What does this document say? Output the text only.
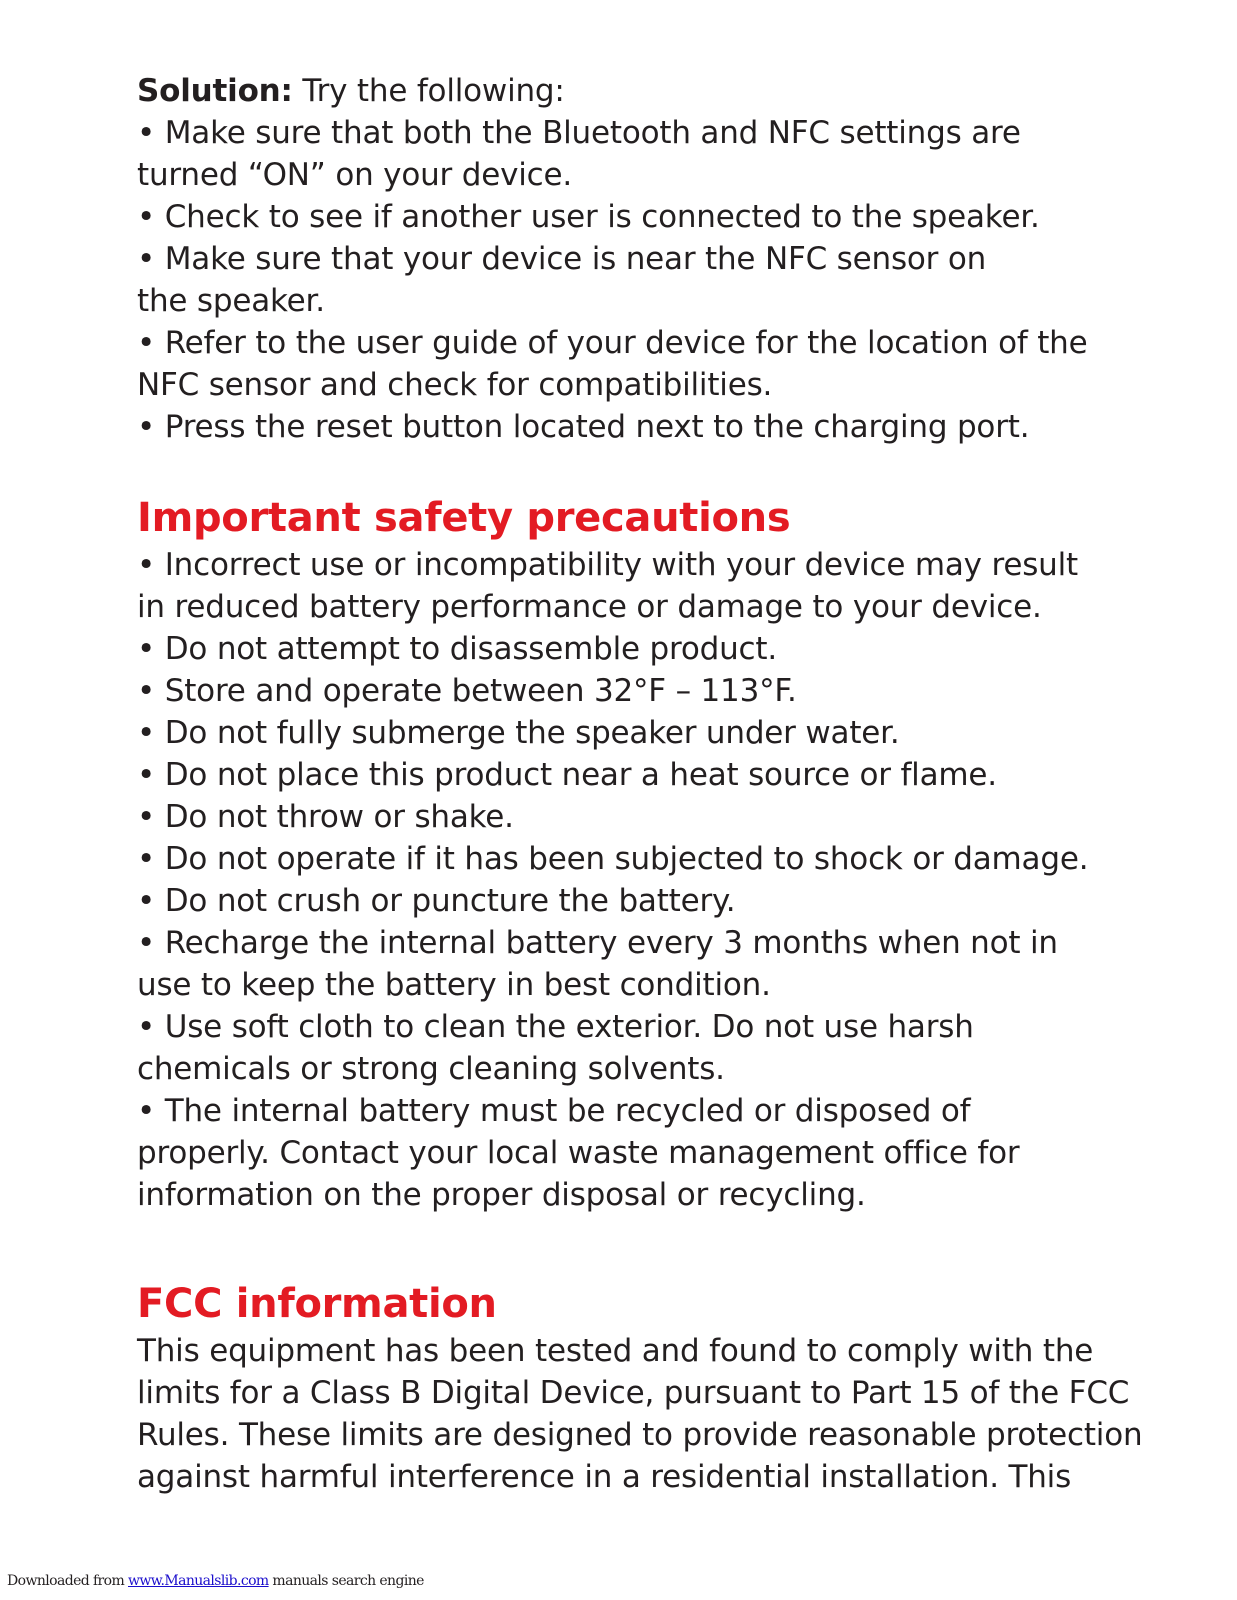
Solution: Try the following:
• Make sure that both the Bluetooth and NFC settings are
turned “ON” on your device.
• Check to see if another user is connected to the speaker.
• Make sure that your device is near the NFC sensor on
the speaker.
• Refer to the user guide of your device for the location of the
NFC sensor and check for compatibilities.
• Press the reset button located next to the charging port.
Important safety precautions
• Incorrect use or incompatibility with your device may result
in reduced battery performance or damage to your device.
• Do not attempt to disassemble product.
• Store and operate between 32°F – 113°F.
• Do not fully submerge the speaker under water.
• Do not place this product near a heat source or flame.
• Do not throw or shake.
• Do not operate if it has been subjected to shock or damage.
• Do not crush or puncture the battery.
• Recharge the internal battery every 3 months when not in
use to keep the battery in best condition.
• Use soft cloth to clean the exterior. Do not use harsh
chemicals or strong cleaning solvents.
• The internal battery must be recycled or disposed of
properly. Contact your local waste management office for
information on the proper disposal or recycling.
FCC information
This equipment has been tested and found to comply with the
limits for a Class B Digital Device, pursuant to Part 15 of the FCC
Rules. These limits are designed to provide reasonable protection
against harmful interference in a residential installation. This
Downloaded from www.Manualslib.com manuals search engine
